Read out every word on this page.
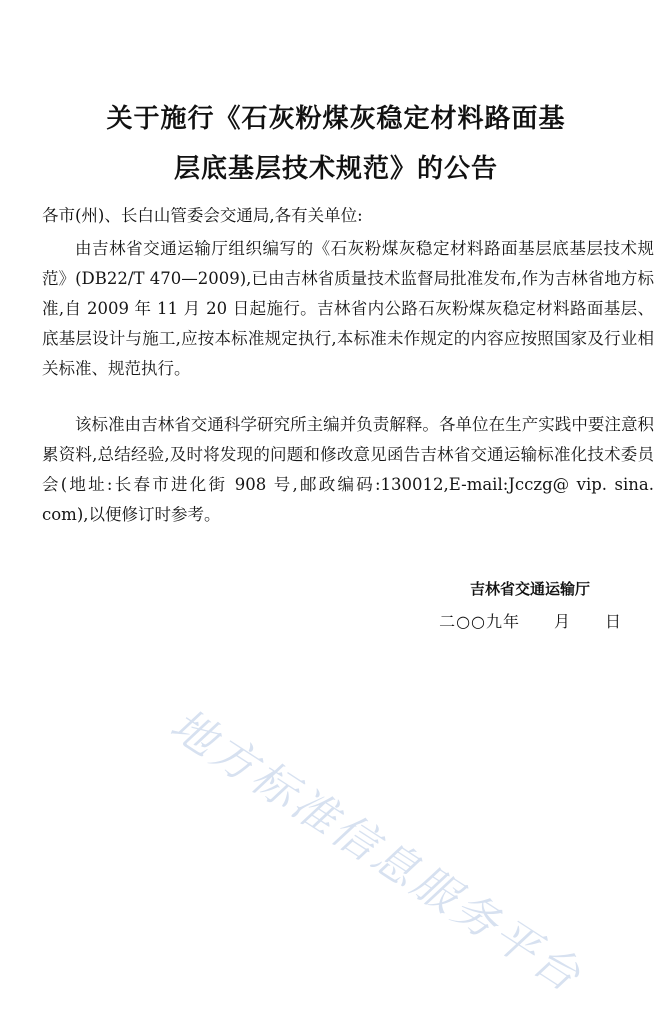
关于施行《石灰粉煤灰稳定材料路面基
层底基层技术规范》的公告
各市(州)、长白山管委会交通局,各有关单位:

由吉林省交通运输厅组织编写的《石灰粉煤灰稳定材料路面基层底基层技术规范》(DB22/T 470—2009),已由吉林省质量技术监督局批准发布,作为吉林省地方标准,自 2009 年 11 月 20 日起施行。吉林省内公路石灰粉煤灰稳定材料路面基层、底基层设计与施工,应按本标准规定执行,本标准未作规定的内容应按照国家及行业相关标准、规范执行。

该标准由吉林省交通科学研究所主编并负责解释。各单位在生产实践中要注意积累资料,总结经验,及时将发现的问题和修改意见函告吉林省交通运输标准化技术委员会(地址:长春市进化街 908 号,邮政编码:130012,E-mail:Jcczg@ vip. sina. com),以便修订时参考。

吉林省交通运输厅
二○○九年　　月　　日
地方标准信息服务平台
